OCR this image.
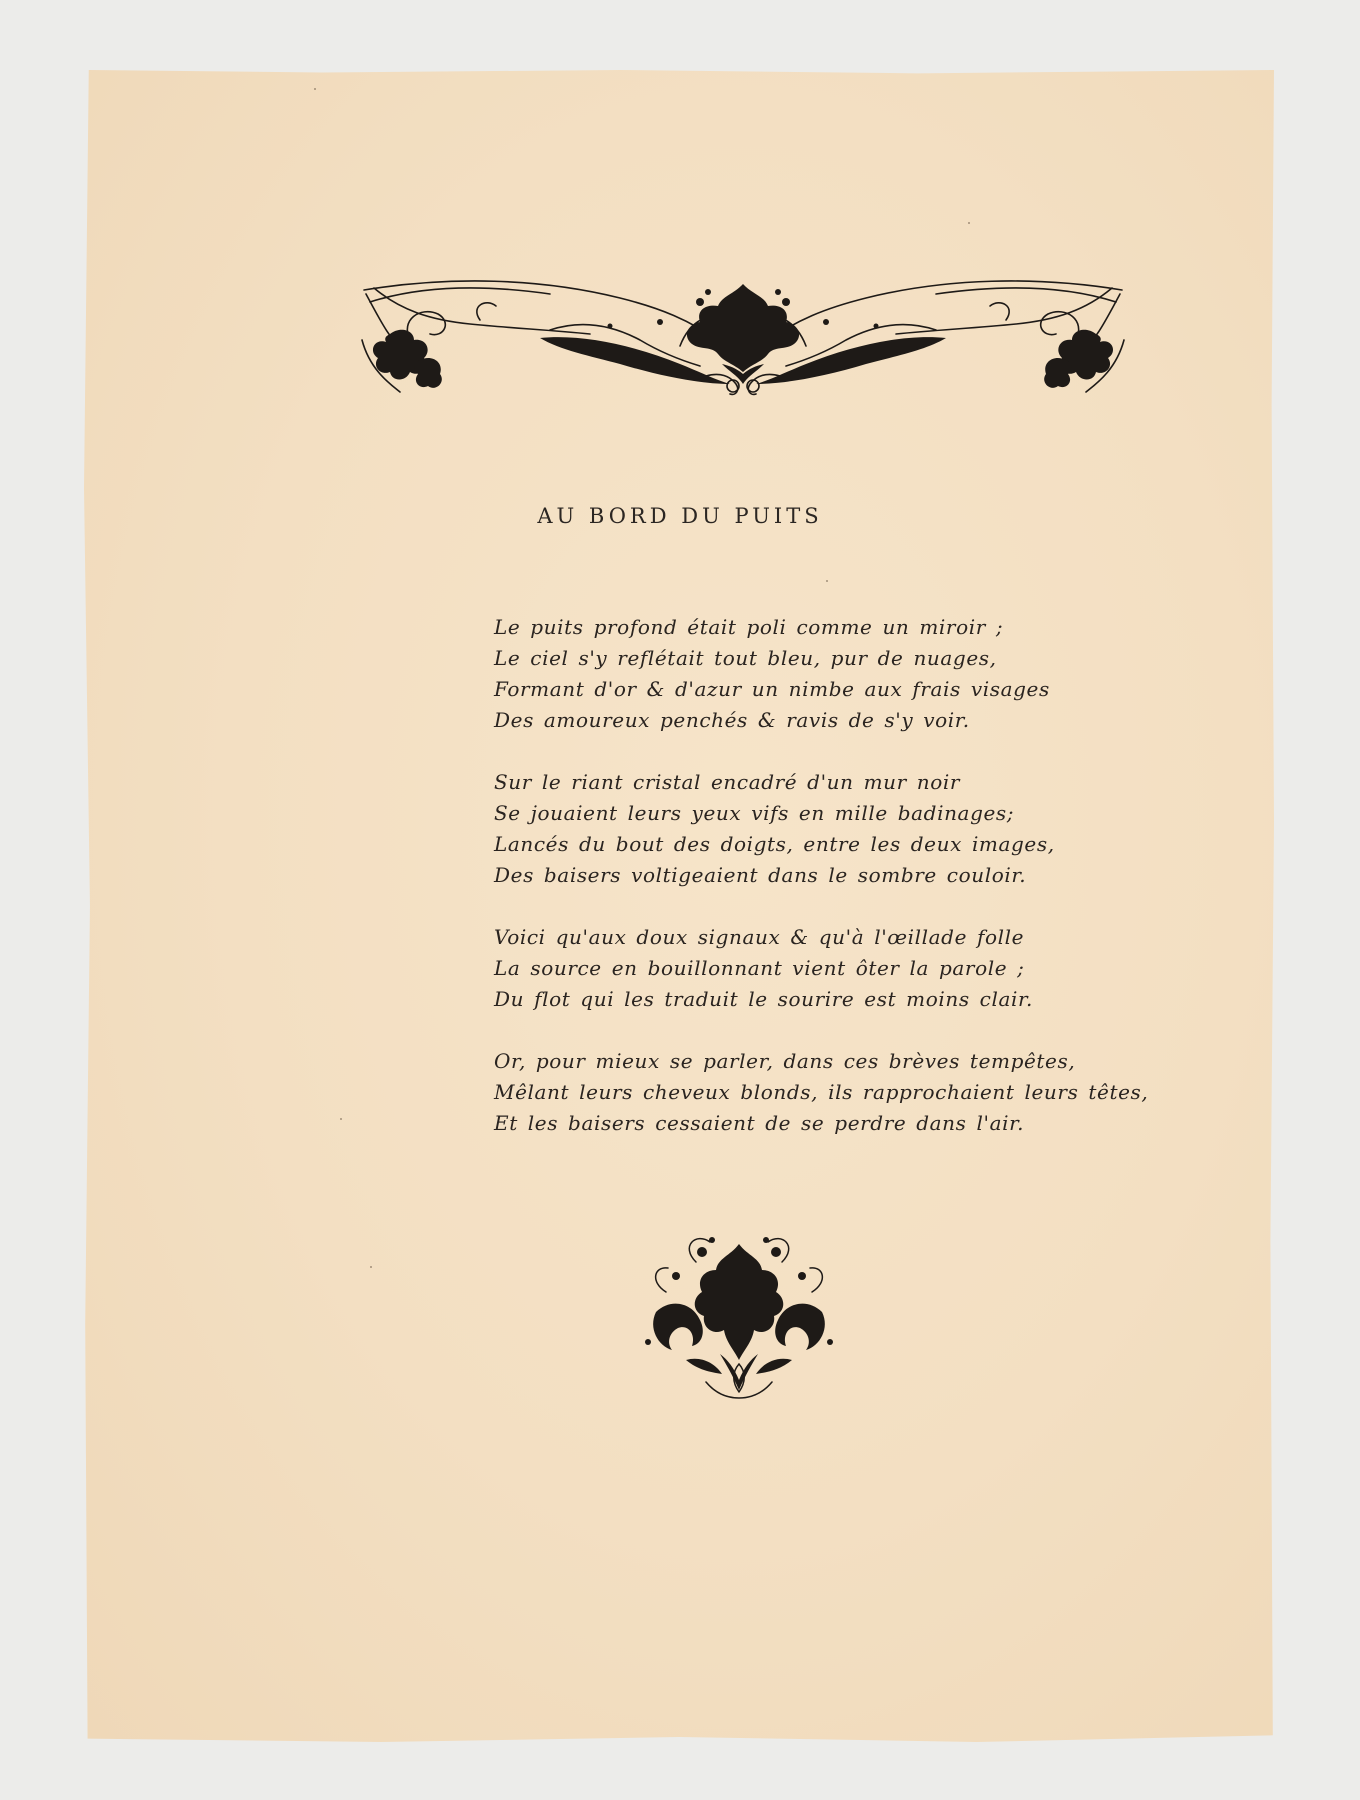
AU BORD DU PUITS
Le puits profond était poli comme un miroir ;
Le ciel s'y reflétait tout bleu, pur de nuages,
Formant d'or & d'azur un nimbe aux frais visages
Des amoureux penchés & ravis de s'y voir.
Sur le riant cristal encadré d'un mur noir
Se jouaient leurs yeux vifs en mille badinages;
Lancés du bout des doigts, entre les deux images,
Des baisers voltigeaient dans le sombre couloir.
Voici qu'aux doux signaux & qu'à l'œillade folle
La source en bouillonnant vient ôter la parole ;
Du flot qui les traduit le sourire est moins clair.
Or, pour mieux se parler, dans ces brèves tempêtes,
Mêlant leurs cheveux blonds, ils rapprochaient leurs têtes,
Et les baisers cessaient de se perdre dans l'air.
